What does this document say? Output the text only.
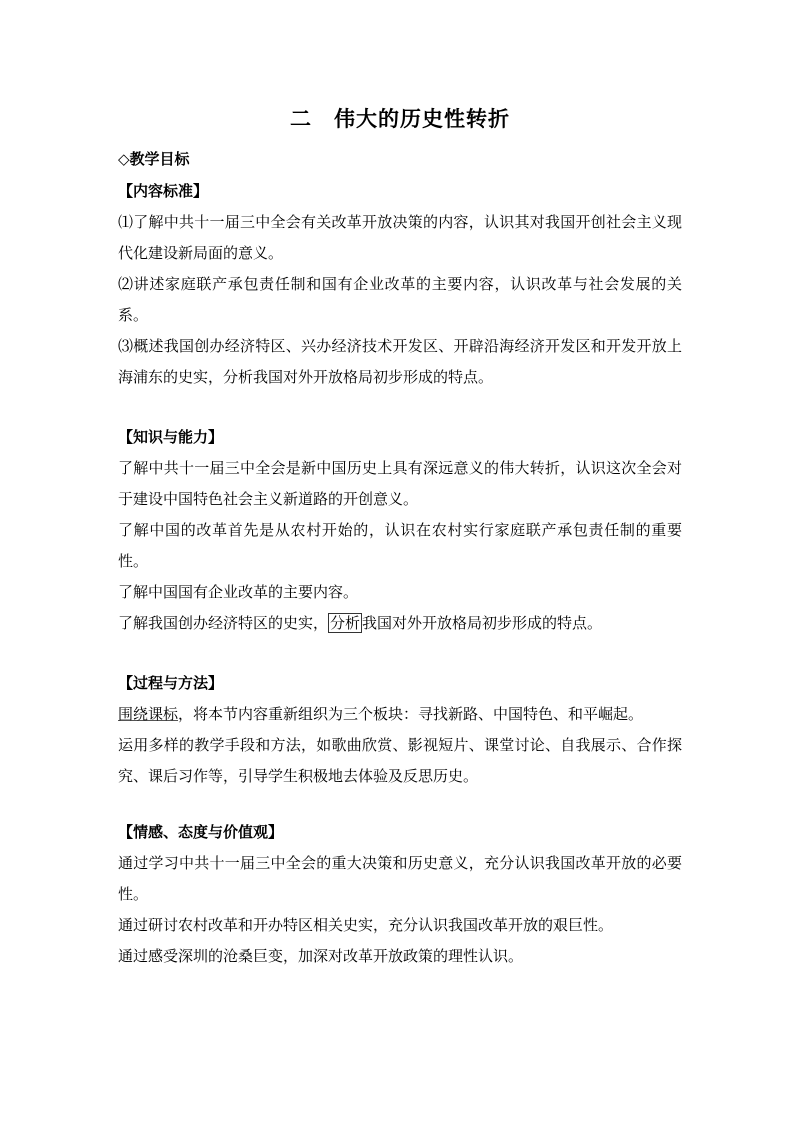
二　伟大的历史性转折
◇教学目标
【内容标准】

⑴了解中共十一届三中全会有关改革开放决策的内容，认识其对我国开创社会主义现代化建设新局面的意义。

⑵讲述家庭联产承包责任制和国有企业改革的主要内容，认识改革与社会发展的关系。

⑶概述我国创办经济特区、兴办经济技术开发区、开辟沿海经济开发区和开发开放上海浦东的史实，分析我国对外开放格局初步形成的特点。

【知识与能力】

了解中共十一届三中全会是新中国历史上具有深远意义的伟大转折，认识这次全会对于建设中国特色社会主义新道路的开创意义。

了解中国的改革首先是从农村开始的，认识在农村实行家庭联产承包责任制的重要性。

了解中国国有企业改革的主要内容。

了解我国创办经济特区的史实， 分析 我国对外开放格局初步形成的特点。

【过程与方法】

围绕课标，将本节内容重新组织为三个板块：寻找新路、中国特色、和平崛起。

运用多样的教学手段和方法，如歌曲欣赏、影视短片、课堂讨论、自我展示、合作探究、课后习作等，引导学生积极地去体验及反思历史。

【情感、态度与价值观】

通过学习中共十一届三中全会的重大决策和历史意义，充分认识我国改革开放的必要性。

通过研讨农村改革和开办特区相关史实，充分认识我国改革开放的艰巨性。

通过感受深圳的沧桑巨变，加深对改革开放政策的理性认识。
